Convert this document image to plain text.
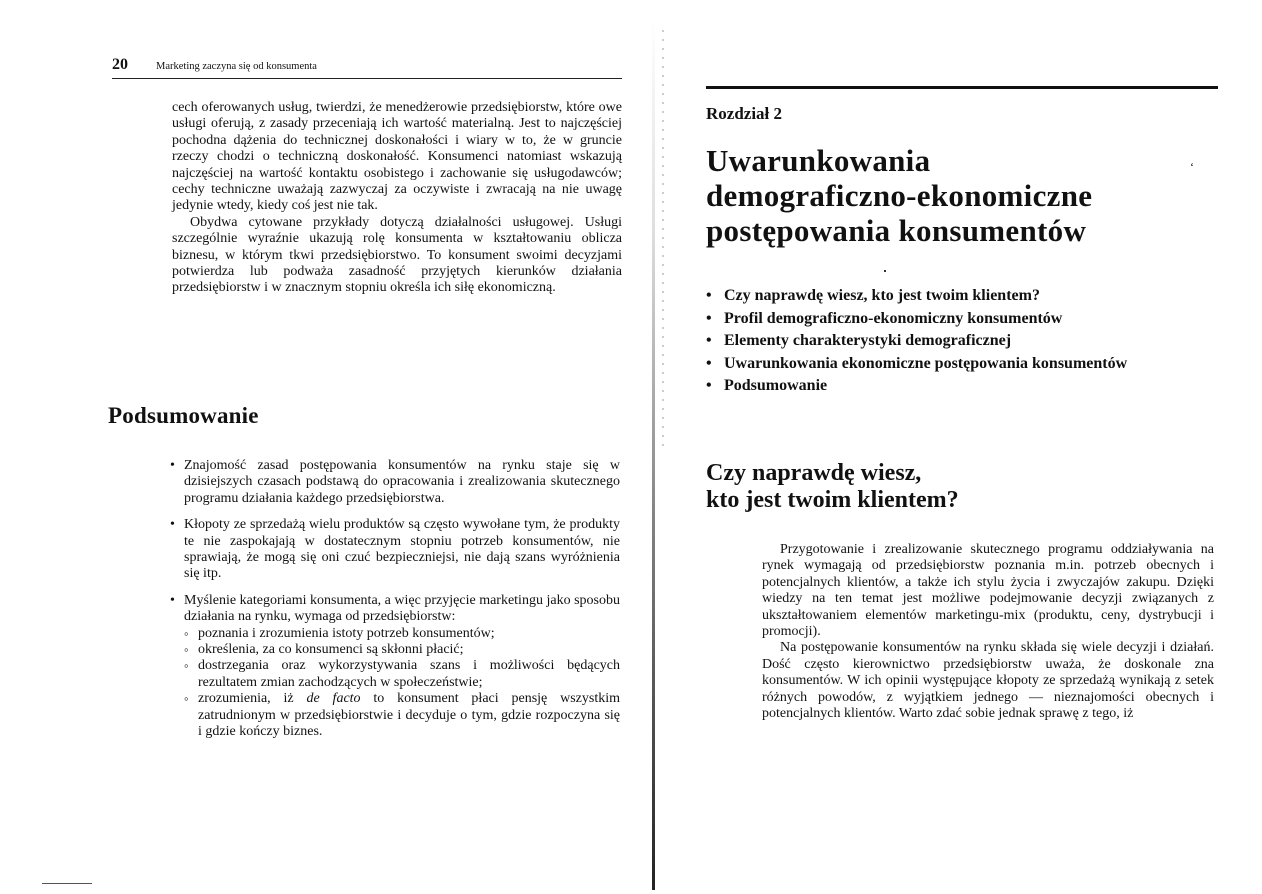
20	Marketing zaczyna się od konsumenta

cech oferowanych usług, twierdzi, że menedżerowie przedsiębiorstw, które owe usługi oferują, z zasady przeceniają ich wartość materialną. Jest to najczęściej pochodna dążenia do technicznej doskonałości i wiary w to, że w gruncie rzeczy chodzi o techniczną doskonałość. Konsumenci natomiast wskazują najczęściej na wartość kontaktu osobistego i zachowanie się usługodawców; cechy techniczne uważają zazwyczaj za oczywiste i zwracają na nie uwagę jedynie wtedy, kiedy coś jest nie tak.

Obydwa cytowane przykłady dotyczą działalności usługowej. Usługi szczególnie wyraźnie ukazują rolę konsumenta w kształtowaniu oblicza biznesu, w którym tkwi przedsiębiorstwo. To konsument swoimi decyzjami potwierdza lub podważa zasadność przyjętych kierunków działania przedsiębiorstw i w znacznym stopniu określa ich siłę ekonomiczną.

Podsumowanie
• Znajomość zasad postępowania konsumentów na rynku staje się w dzisiejszych czasach podstawą do opracowania i zrealizowania skutecznego programu działania każdego przedsiębiorstwa.
• Kłopoty ze sprzedażą wielu produktów są często wywołane tym, że produkty te nie zaspokajają w dostatecznym stopniu potrzeb konsumentów, nie sprawiają, że mogą się oni czuć bezpieczniejsi, nie dają szans wyróżnienia się itp.
• Myślenie kategoriami konsumenta, a więc przyjęcie marketingu jako sposobu działania na rynku, wymaga od przedsiębiorstw:
◦ poznania i zrozumienia istoty potrzeb konsumentów;
◦ określenia, za co konsumenci są skłonni płacić;
◦ dostrzegania oraz wykorzystywania szans i możliwości będących rezultatem zmian zachodzących w społeczeństwie;
◦ zrozumienia, iż de facto to konsument płaci pensję wszystkim zatrudnionym w przedsiębiorstwie i decyduje o tym, gdzie rozpoczyna się i gdzie kończy biznes.
Rozdział 2
‘
Uwarunkowania
demograficzno-ekonomiczne
postępowania konsumentów
• Czy naprawdę wiesz, kto jest twoim klientem?
• Profil demograficzno-ekonomiczny konsumentów
• Elementy charakterystyki demograficznej
• Uwarunkowania ekonomiczne postępowania konsumentów
• Podsumowanie
Czy naprawdę wiesz,
kto jest twoim klientem?

Przygotowanie i zrealizowanie skutecznego programu oddziaływania na rynek wymagają od przedsiębiorstw poznania m.in. potrzeb obecnych i potencjalnych klientów, a także ich stylu życia i zwyczajów zakupu. Dzięki wiedzy na ten temat jest możliwe podejmowanie decyzji związanych z ukształtowaniem elementów marketingu-mix (produktu, ceny, dystrybucji i promocji).

Na postępowanie konsumentów na rynku składa się wiele decyzji i działań. Dość często kierownictwo przedsiębiorstw uważa, że doskonale zna konsumentów. W ich opinii występujące kłopoty ze sprzedażą wynikają z setek różnych powodów, z wyjątkiem jednego — nieznajomości obecnych i potencjalnych klientów. Warto zdać sobie jednak sprawę z tego, iż
